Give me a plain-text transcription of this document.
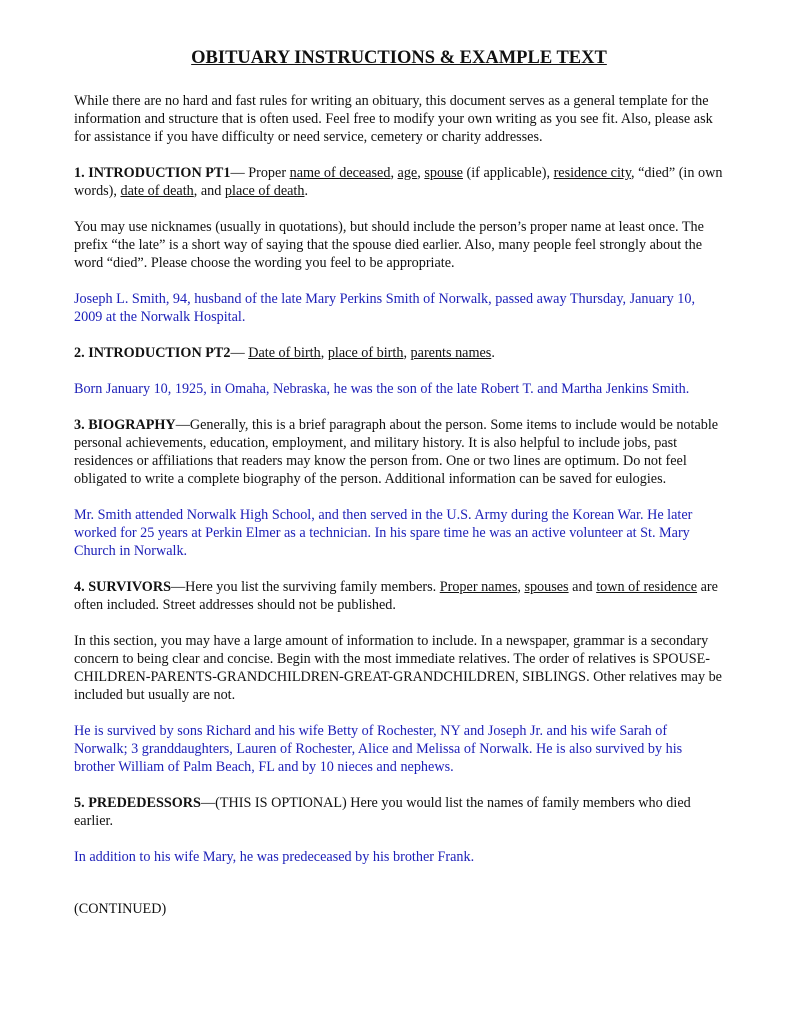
OBITUARY INSTRUCTIONS & EXAMPLE TEXT

While there are no hard and fast rules for writing an obituary, this document serves as a general template for the information and structure that is often used. Feel free to modify your own writing as you see fit. Also, please ask for assistance if you have difficulty or need service, cemetery or charity addresses.

1. INTRODUCTION PT1— Proper name of deceased, age, spouse (if applicable), residence city, “died” (in own words), date of death, and place of death.

You may use nicknames (usually in quotations), but should include the person’s proper name at least once. The prefix “the late” is a short way of saying that the spouse died earlier. Also, many people feel strongly about the word “died”. Please choose the wording you feel to be appropriate.

Joseph L. Smith, 94, husband of the late Mary Perkins Smith of Norwalk, passed away Thursday, January 10, 2009 at the Norwalk Hospital.

2. INTRODUCTION PT2— Date of birth, place of birth, parents names.

Born January 10, 1925, in Omaha, Nebraska, he was the son of the late Robert T. and Martha Jenkins Smith.

3. BIOGRAPHY—Generally, this is a brief paragraph about the person. Some items to include would be notable personal achievements, education, employment, and military history. It is also helpful to include jobs, past residences or affiliations that readers may know the person from. One or two lines are optimum. Do not feel obligated to write a complete biography of the person. Additional information can be saved for eulogies.

Mr. Smith attended Norwalk High School, and then served in the U.S. Army during the Korean War. He later worked for 25 years at Perkin Elmer as a technician. In his spare time he was an active volunteer at St. Mary Church in Norwalk.

4. SURVIVORS—Here you list the surviving family members. Proper names, spouses and town of residence are often included. Street addresses should not be published.

In this section, you may have a large amount of information to include. In a newspaper, grammar is a secondary concern to being clear and concise. Begin with the most immediate relatives. The order of relatives is SPOUSE-CHILDREN-PARENTS-GRANDCHILDREN-GREAT-GRANDCHILDREN, SIBLINGS. Other relatives may be included but usually are not.

He is survived by sons Richard and his wife Betty of Rochester, NY and Joseph Jr. and his wife Sarah of Norwalk; 3 granddaughters, Lauren of Rochester, Alice and Melissa of Norwalk. He is also survived by his brother William of Palm Beach, FL and by 10 nieces and nephews.

5. PREDEDESSORS—(THIS IS OPTIONAL) Here you would list the names of family members who died earlier.

In addition to his wife Mary, he was predeceased by his brother Frank.

(CONTINUED)
